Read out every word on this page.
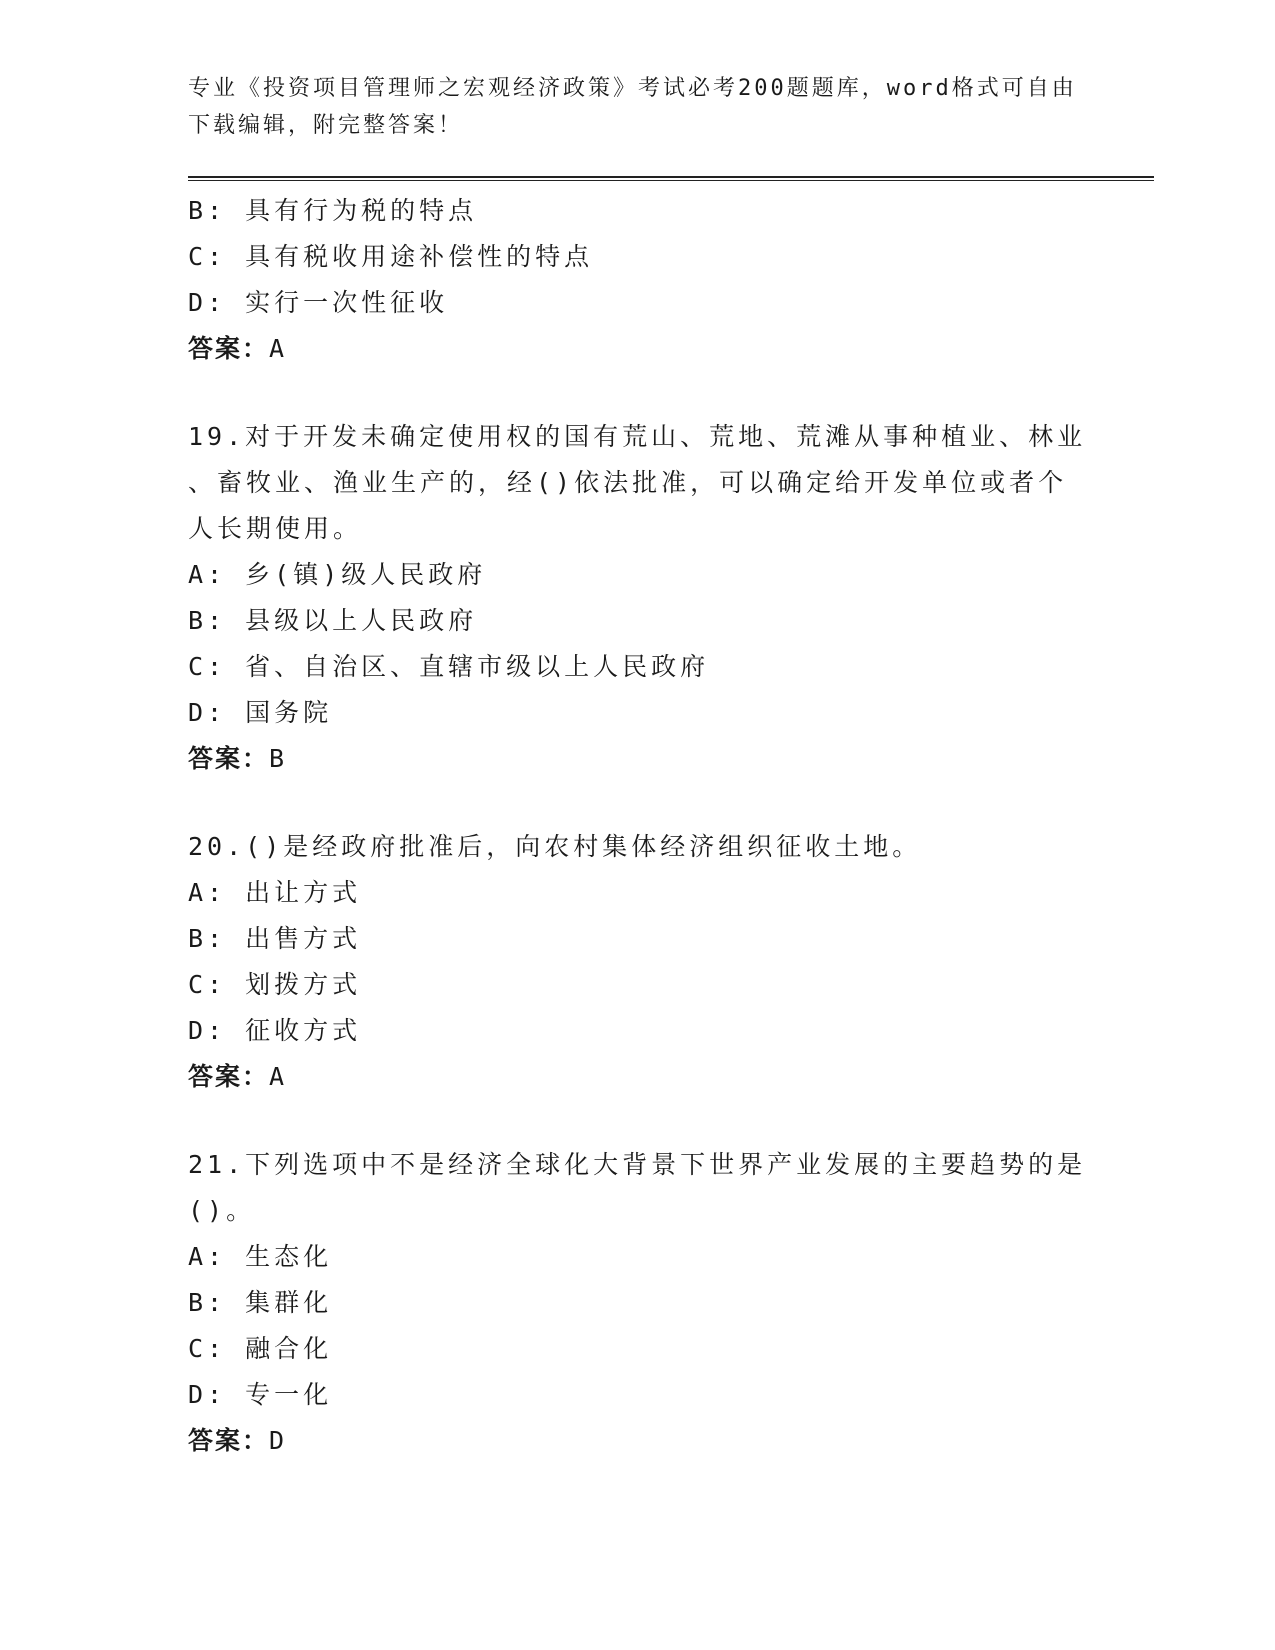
专业《投资项目管理师之宏观经济政策》考试必考200题题库，word格式可自由
下载编辑，附完整答案！
B: 具有行为税的特点
C: 具有税收用途补偿性的特点
D: 实行一次性征收
答案：A
19.对于开发未确定使用权的国有荒山、荒地、荒滩从事种植业、林业
、畜牧业、渔业生产的，经()依法批准，可以确定给开发单位或者个
人长期使用。
A: 乡(镇)级人民政府
B: 县级以上人民政府
C: 省、自治区、直辖市级以上人民政府
D: 国务院
答案：B
20.()是经政府批准后，向农村集体经济组织征收土地。
A: 出让方式
B: 出售方式
C: 划拨方式
D: 征收方式
答案：A
21.下列选项中不是经济全球化大背景下世界产业发展的主要趋势的是
()。
A: 生态化
B: 集群化
C: 融合化
D: 专一化
答案：D
